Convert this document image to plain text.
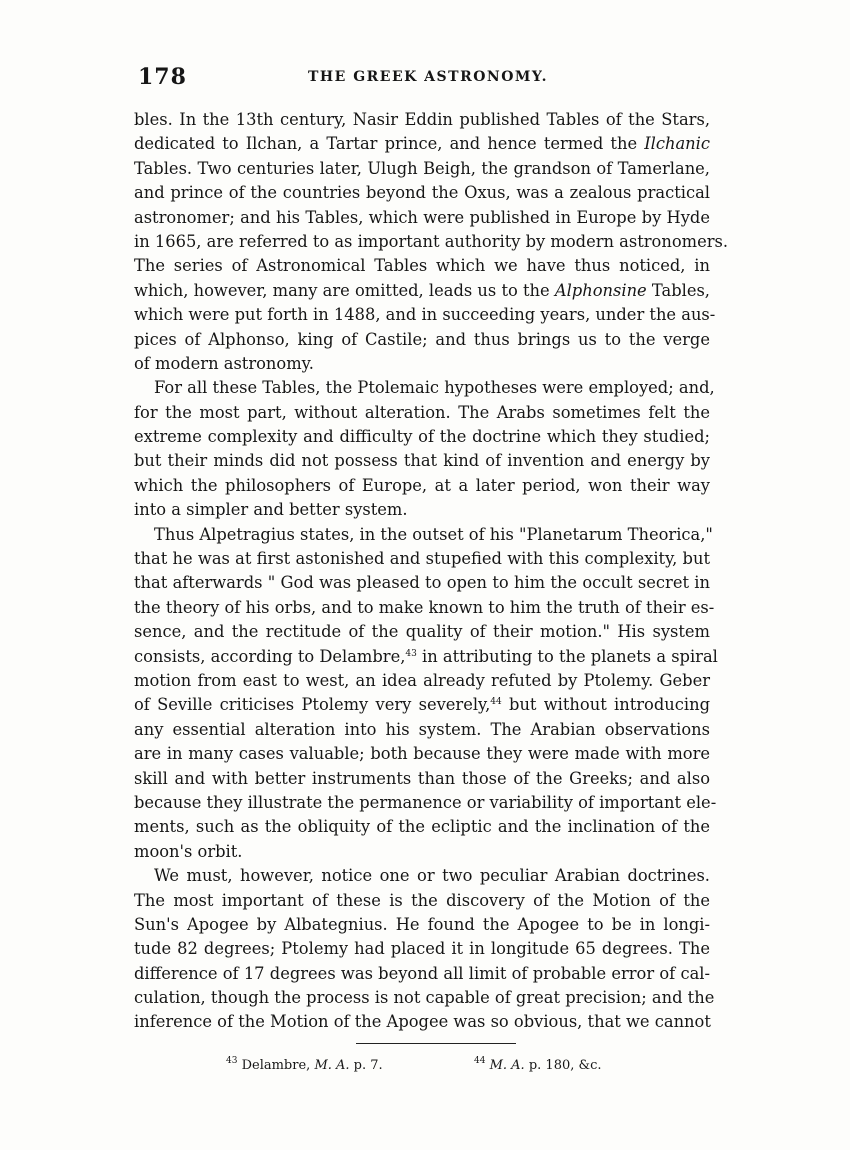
178	THE GREEK ASTRONOMY.
bles. In the 13th century, Nasir Eddin published Tables of the Stars,
dedicated to Ilchan, a Tartar prince, and hence termed the Ilchanic
Tables. Two centuries later, Ulugh Beigh, the grandson of Tamerlane,
and prince of the countries beyond the Oxus, was a zealous practical
astronomer; and his Tables, which were published in Europe by Hyde
in 1665, are referred to as important authority by modern astronomers.
The series of Astronomical Tables which we have thus noticed, in
which, however, many are omitted, leads us to the Alphonsine Tables,
which were put forth in 1488, and in succeeding years, under the aus-
pices of Alphonso, king of Castile; and thus brings us to the verge
of modern astronomy.
For all these Tables, the Ptolemaic hypotheses were employed; and,
for the most part, without alteration. The Arabs sometimes felt the
extreme complexity and difficulty of the doctrine which they studied;
but their minds did not possess that kind of invention and energy by
which the philosophers of Europe, at a later period, won their way
into a simpler and better system.
Thus Alpetragius states, in the outset of his "Planetarum Theorica,"
that he was at first astonished and stupefied with this complexity, but
that afterwards " God was pleased to open to him the occult secret in
the theory of his orbs, and to make known to him the truth of their es-
sence, and the rectitude of the quality of their motion." His system
consists, according to Delambre,$^{43}$ in attributing to the planets a spiral
motion from east to west, an idea already refuted by Ptolemy. Geber
of Seville criticises Ptolemy very severely,$^{44}$ but without introducing
any essential alteration into his system. The Arabian observations
are in many cases valuable; both because they were made with more
skill and with better instruments than those of the Greeks; and also
because they illustrate the permanence or variability of important ele-
ments, such as the obliquity of the ecliptic and the inclination of the
moon's orbit.
We must, however, notice one or two peculiar Arabian doctrines.
The most important of these is the discovery of the Motion of the
Sun's Apogee by Albategnius. He found the Apogee to be in longi-
tude 82 degrees; Ptolemy had placed it in longitude 65 degrees. The
difference of 17 degrees was beyond all limit of probable error of cal-
culation, though the process is not capable of great precision; and the
inference of the Motion of the Apogee was so obvious, that we cannot
$^{43}$ Delambre, M. A. p. 7.	$^{44}$ M. A. p. 180, &c.
